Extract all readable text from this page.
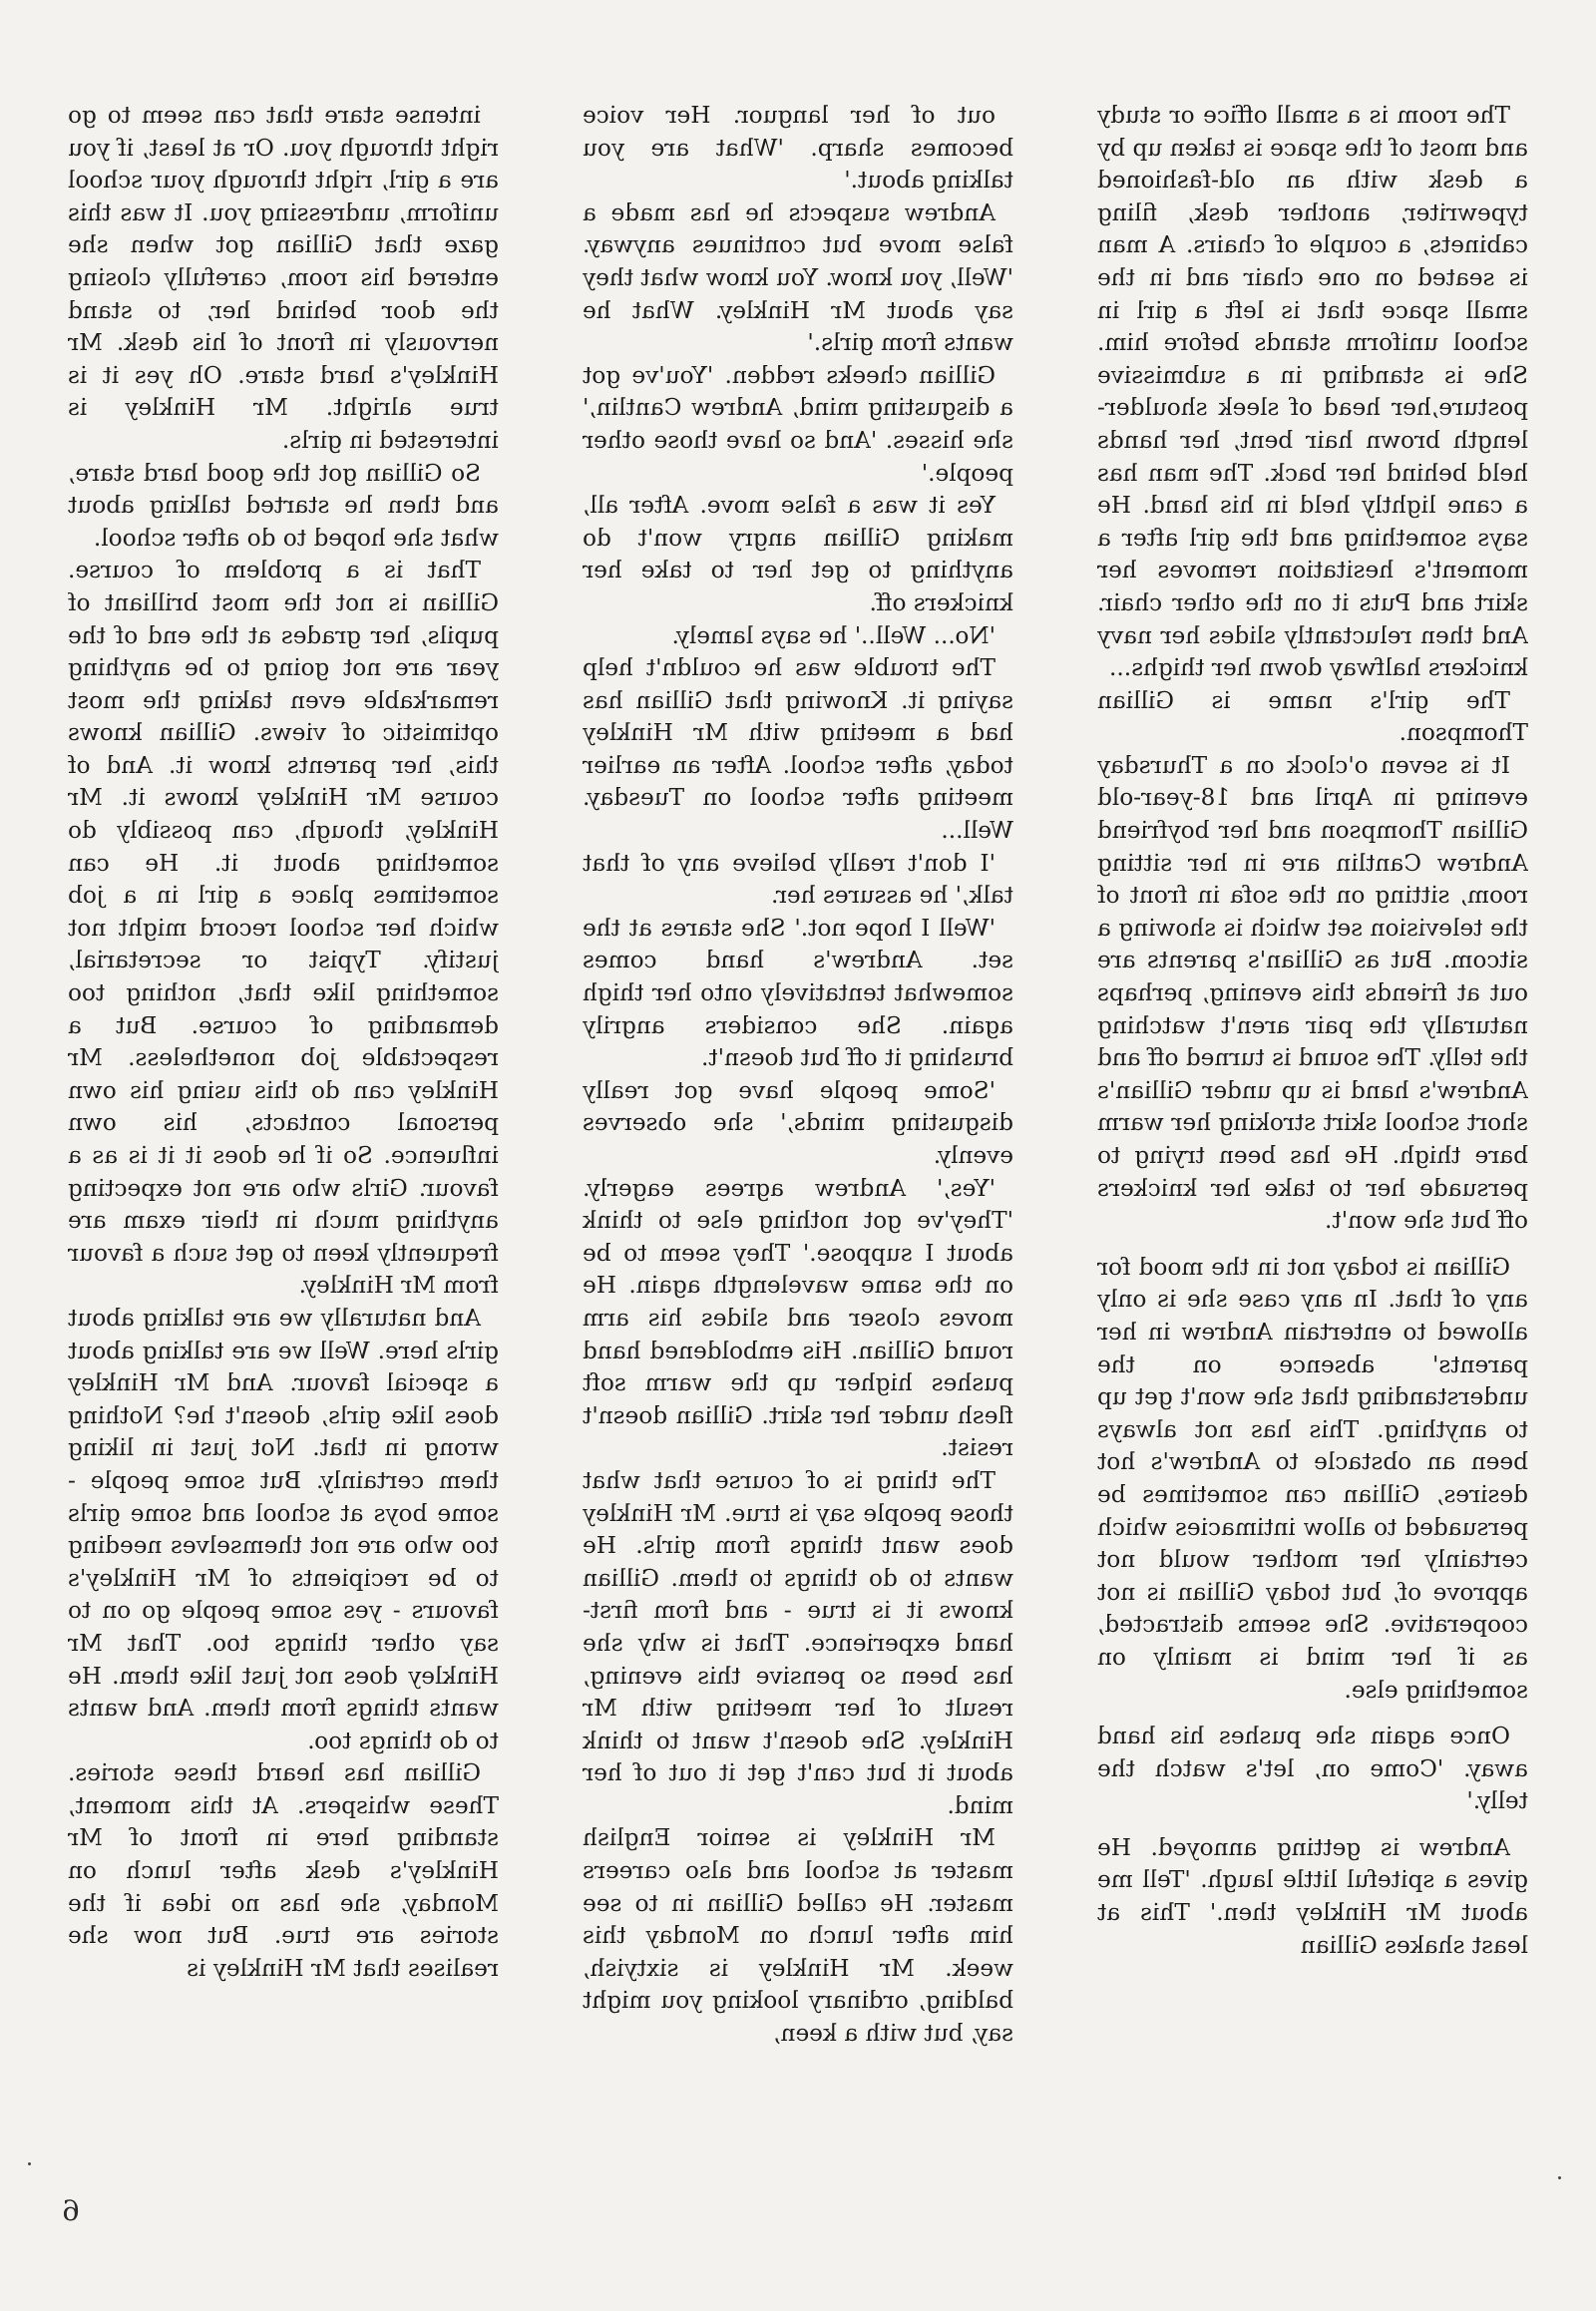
The room is a small office or study and most of the space is taken up by a desk with an old-fashioned typewriter, another desk, filing cabinets, a couple of chairs. A man is seated on one chair and in the small space that is left a girl in school uniform stands before him. She is standing in a submissive posture,her head of sleek shoulder-length brown hair bent, her hands held behind her back. The man has a cane lightly held in his hand. He says something and the girl after a moment's hesitation removes her skirt and Puts it on the other chair. And then reluctantly slides her navy knickers halfway down her thighs...

The girl's name is Gillian Thompson.

It is seven o'clock on a Thursday evening in April and 18-year-old Gillian Thompson and her boyfriend Andrew Cantlin are in her sitting room, sitting on the sofa in front of the television set which is showing a sitcom. But as Gillian's parents are out at friends this evening, perhaps naturally the pair aren't watching the telly. The sound is turned off and Andrew's hand is up under Gillian's short school skirt stroking her warm bare thigh. He has been trying to persuade her to take her knickers off but she won't.

Gillian is today not in the mood for any of that. In any case she is only allowed to entertain Andrew in her parents' absence on the understanding that she won't get up to anything. This has not always been an obstacle to Andrew's hot desires, Gillian can sometimes be persuaded to allow intimacies which certainly her mother would not approve of, but today Gillian is not cooperative. She seems distracted, as if her mind is mainly on something else.

Once again she pushes his hand away. 'Come on, let's watch the telly.'

Andrew is getting annoyed. He gives a spiteful little laugh. 'Tell me about Mr Hinkley then.' This at least shakes Gillian

out of her languor. Her voice becomes sharp. 'What are you talking about.'

Andrew suspects he has made a false move but continues anyway. 'Well, you know. You know what they say about Mr Hinkley. What he wants from girls.'

Gillian cheeks redden. 'You've got a disgusting mind, Andrew Cantlin,' she hisses. 'And so have those other people.'

Yes it was a false move. After all, making Gillian angry won't do anything to get her to take her knickers off.

'No... Well..' he says lamely.

The trouble was he couldn't help saying it. Knowing that Gillian has had a meeting with Mr Hinkley today, after school. After an earlier meeting after school on Tuesday. Well...

'I don't really believe any of that talk,' he assures her.

'Well I hope not.' She stares at the set. Andrew's hand comes somewhat tentatively onto her thigh again. She considers angrily brushing it off but doesn't.

'Some people have got really disgusting minds,' she observes evenly.

'Yes,' Andrew agrees eagerly. 'They've got nothing else to think about I suppose.' They seem to be on the same wavelength again. He moves closer and slides his arm round Gillian. His emboldened hand pushes higher up the warm soft flesh under her skirt. Gillian doesn't resist.

The thing is of course that what those people say is true. Mr Hinkley does want things from girls. He wants to do things to them. Gillian knows it is true - and from first-hand experience. That is why she has been so pensive this evening, result of her meeting with Mr Hinkley. She doesn't want to think about it but can't get it out of her mind.

Mr Hinkley is senior English master at school and also careers master. He called Gillian in to see him after lunch on Monday this week. Mr Hinkley is sixtyish, balding, ordinary looking you might say, but with a keen,

intense stare that can seem to go right through you. Or at least, if you are a girl, right through your school uniform, undressing you. It was this gaze that Gillian got when she entered his room, carefully closing the door behind her, to stand nervously in front of his desk. Mr Hinkley's hard stare. Oh yes it is true alright. Mr Hinkley is interested in girls.

So Gillian got the good hard stare, and then he started talking about what she hoped to do after school.

That is a problem of course. Gillian is not the most brilliant of pupils, her grades at the end of the year are not going to be anything remarkable even taking the most optimistic of views. Gillian knows this, her parents know it. And of course Mr Hinkley knows it. Mr Hinkley, though, can possibly do something about it. He can sometimes place a girl in a job which her school record might not justify. Typist or secretarial, something like that, nothing too demanding of course. But a respectable job nonetheless. Mr Hinkley can do this using his own personal contacts, his own influence. So if he does it it is as a favour. Girls who are not expecting anything much in their exam are frequently keen to get such a favour from Mr Hinkley.

And naturally we are talking about girls here. Well we are talking about a special favour. And Mr Hinkley does like girls, doesn't he? Nothing wrong in that. Not just in liking them certainly. But some people - some boys at school and some girls too who are not themselves needing to be recipients of Mr Hinkley's favours - yes some people go on to say other things too. That Mr Hinkley does not just like them. He wants things from them. And wants to do things too.

Gillian has heard these stories. These whispers. At this moment, standing here in front of Mr Hinkley's desk after lunch on Monday, she has no idea if the stories are true. But now she realises that Mr Hinkley is

6
